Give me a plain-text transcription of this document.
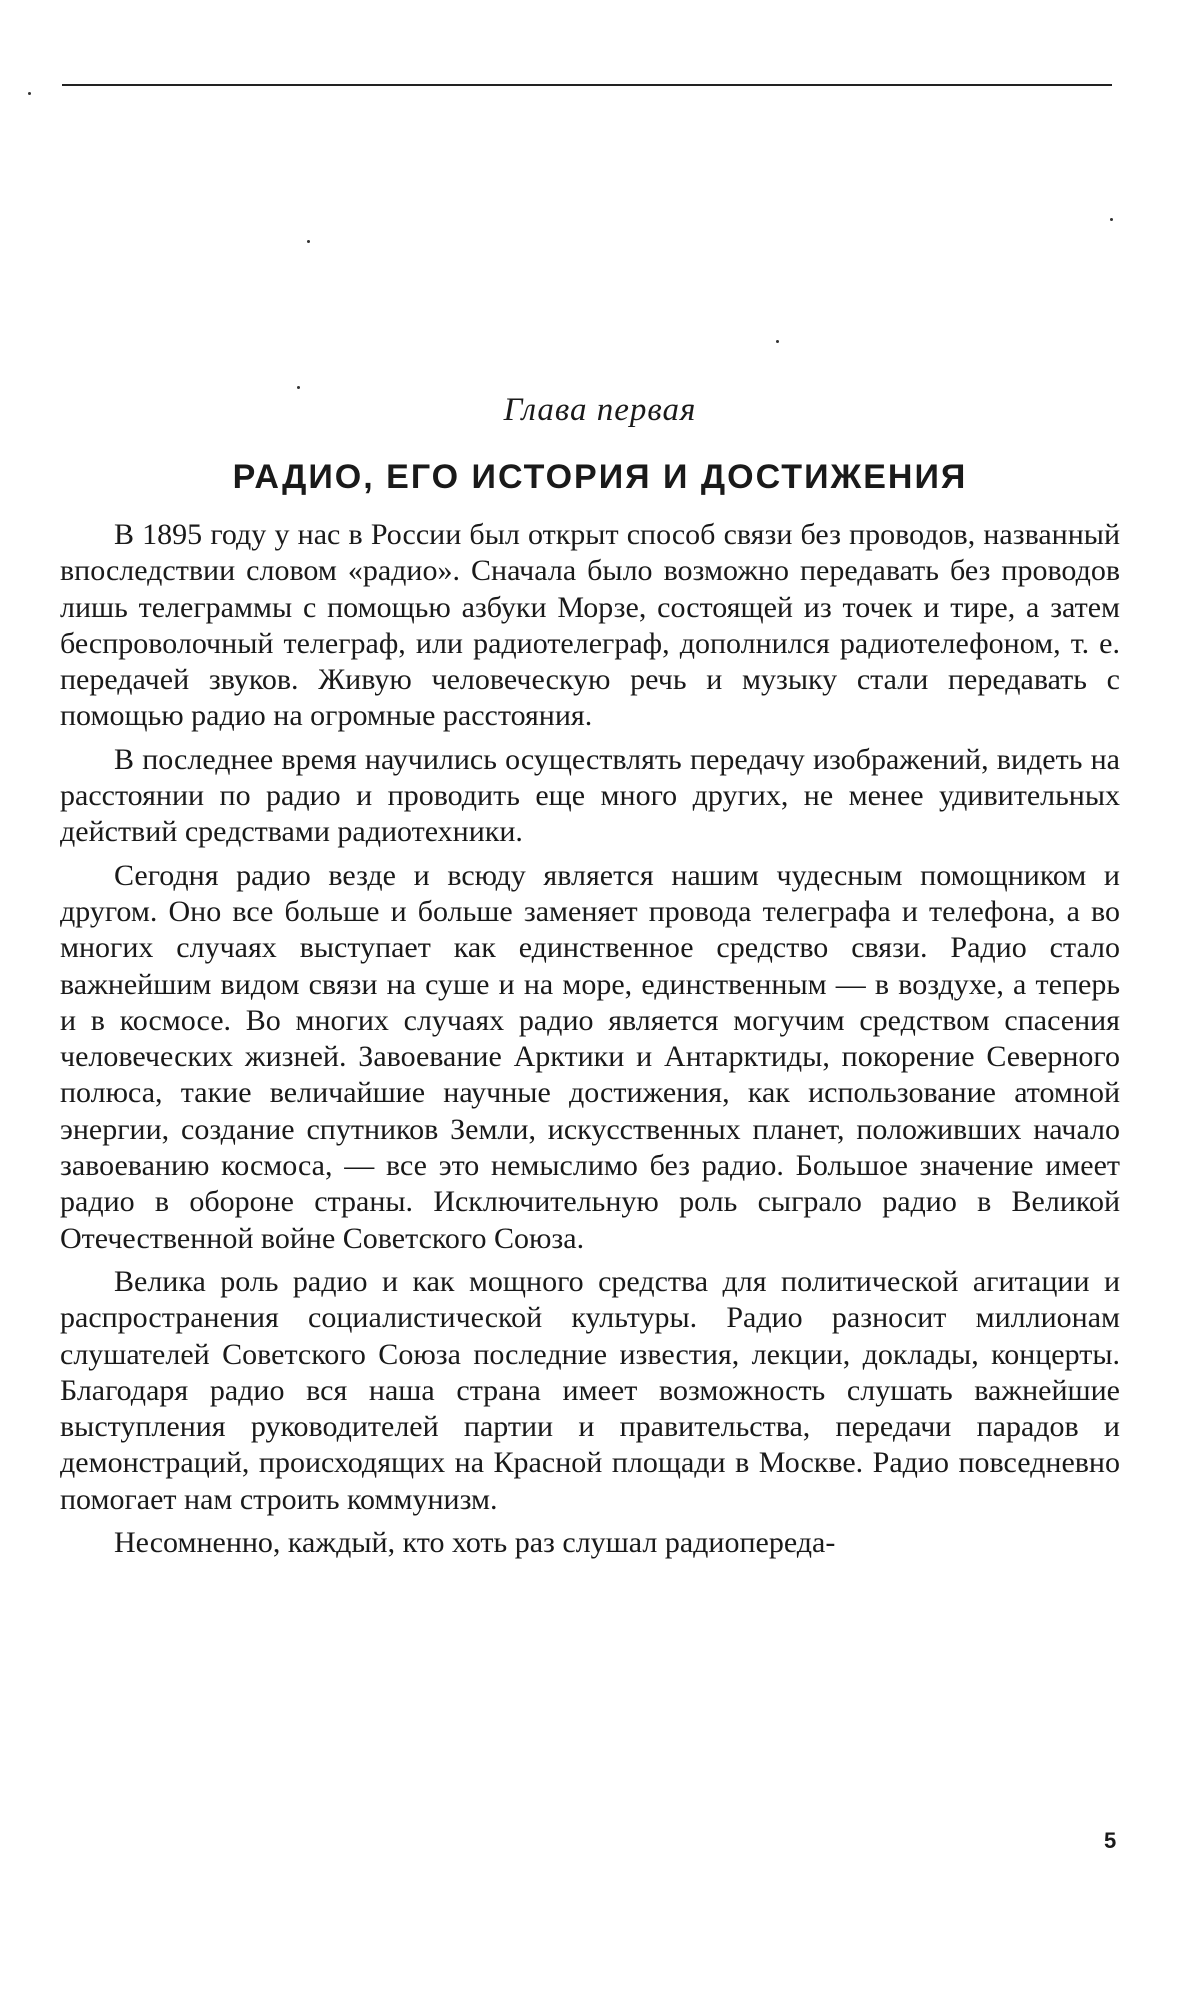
Глава первая
РАДИО, ЕГО ИСТОРИЯ И ДОСТИЖЕНИЯ

В 1895 году у нас в России был открыт способ связи без проводов, названный впоследствии словом «радио». Сначала было возможно передавать без проводов лишь телеграммы с помощью азбуки Морзе, состоящей из точек и тире, а затем беспроволочный телеграф, или радиотелеграф, дополнился радиотелефоном, т. е. передачей звуков. Живую человеческую речь и музыку стали передавать с помощью радио на огромные расстояния.

В последнее время научились осуществлять передачу изображений, видеть на расстоянии по радио и проводить еще много других, не менее удивительных действий средствами радиотехники.

Сегодня радио везде и всюду является нашим чудесным помощником и другом. Оно все больше и больше заменяет провода телеграфа и телефона, а во многих случаях выступает как единственное средство связи. Радио стало важнейшим видом связи на суше и на море, единственным — в воздухе, а теперь и в космосе. Во многих случаях радио является могучим средством спасения человеческих жизней. Завоевание Арктики и Антарктиды, покорение Северного полюса, такие величайшие научные достижения, как использование атомной энергии, создание спутников Земли, искусственных планет, положивших начало завоеванию космоса, — все это немыслимо без радио. Большое значение имеет радио в обороне страны. Исключительную роль сыграло радио в Великой Отечественной войне Советского Союза.

Велика роль радио и как мощного средства для политической агитации и распространения социалистической культуры. Радио разносит миллионам слушателей Советского Союза последние известия, лекции, доклады, концерты. Благодаря радио вся наша страна имеет возможность слушать важнейшие выступления руководителей партии и правительства, передачи парадов и демонстраций, происходящих на Красной площади в Москве. Радио повседневно помогает нам строить коммунизм.

Несомненно, каждый, кто хоть раз слушал радиопереда-

5
